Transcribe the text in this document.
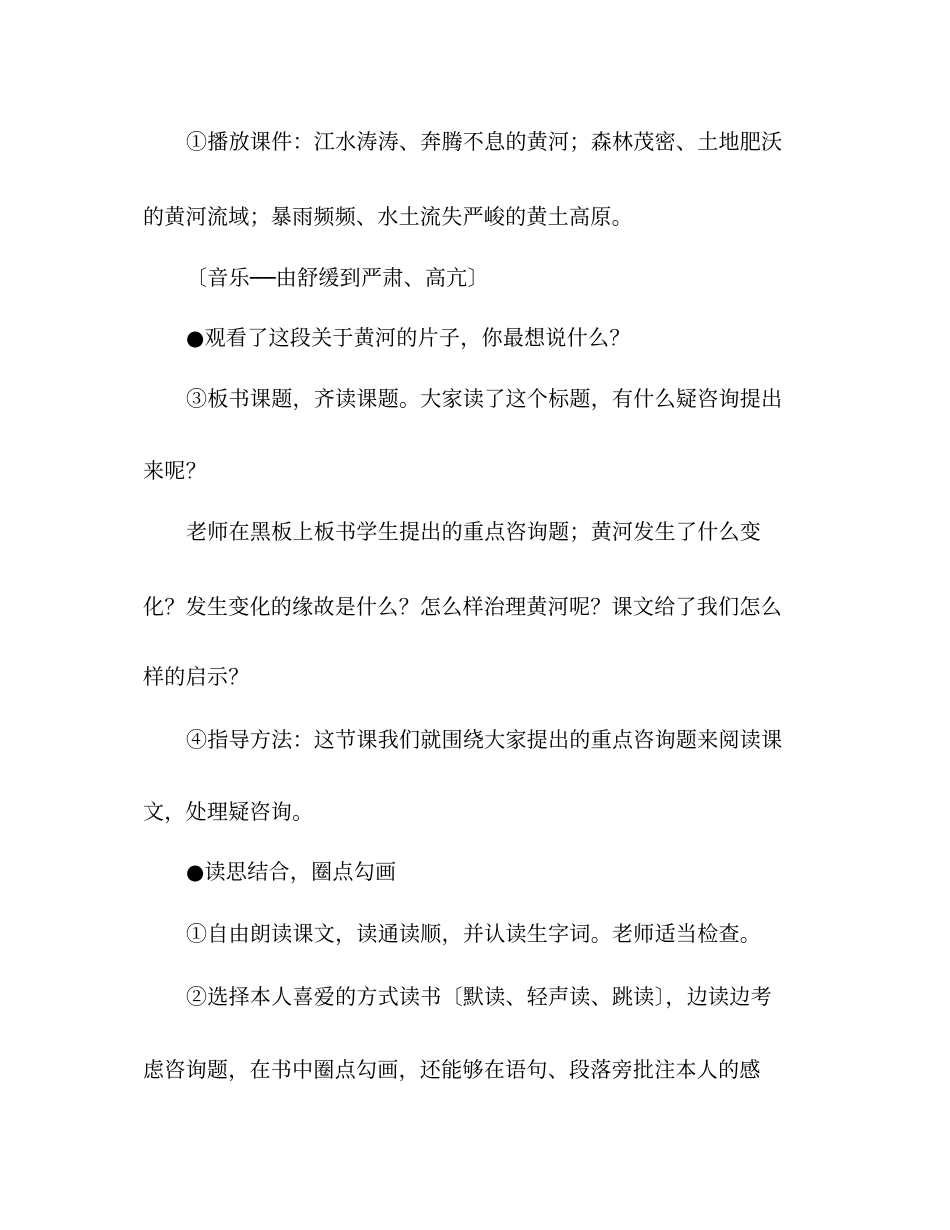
①播放课件：江水涛涛、奔腾不息的黄河；森林茂密、土地肥沃
的黄河流域；暴雨频频、水土流失严峻的黄土高原。
〔音乐──由舒缓到严肃、高亢〕
●观看了这段关于黄河的片子，你最想说什么？
③板书课题，齐读课题。大家读了这个标题，有什么疑咨询提出
来呢？
老师在黑板上板书学生提出的重点咨询题；黄河发生了什么变
化？发生变化的缘故是什么？怎么样治理黄河呢？课文给了我们怎么
样的启示？
④指导方法：这节课我们就围绕大家提出的重点咨询题来阅读课
文，处理疑咨询。
●读思结合，圈点勾画
①自由朗读课文，读通读顺，并认读生字词。老师适当检查。
②选择本人喜爱的方式读书〔默读、轻声读、跳读〕，边读边考
虑咨询题，在书中圈点勾画，还能够在语句、段落旁批注本人的感
